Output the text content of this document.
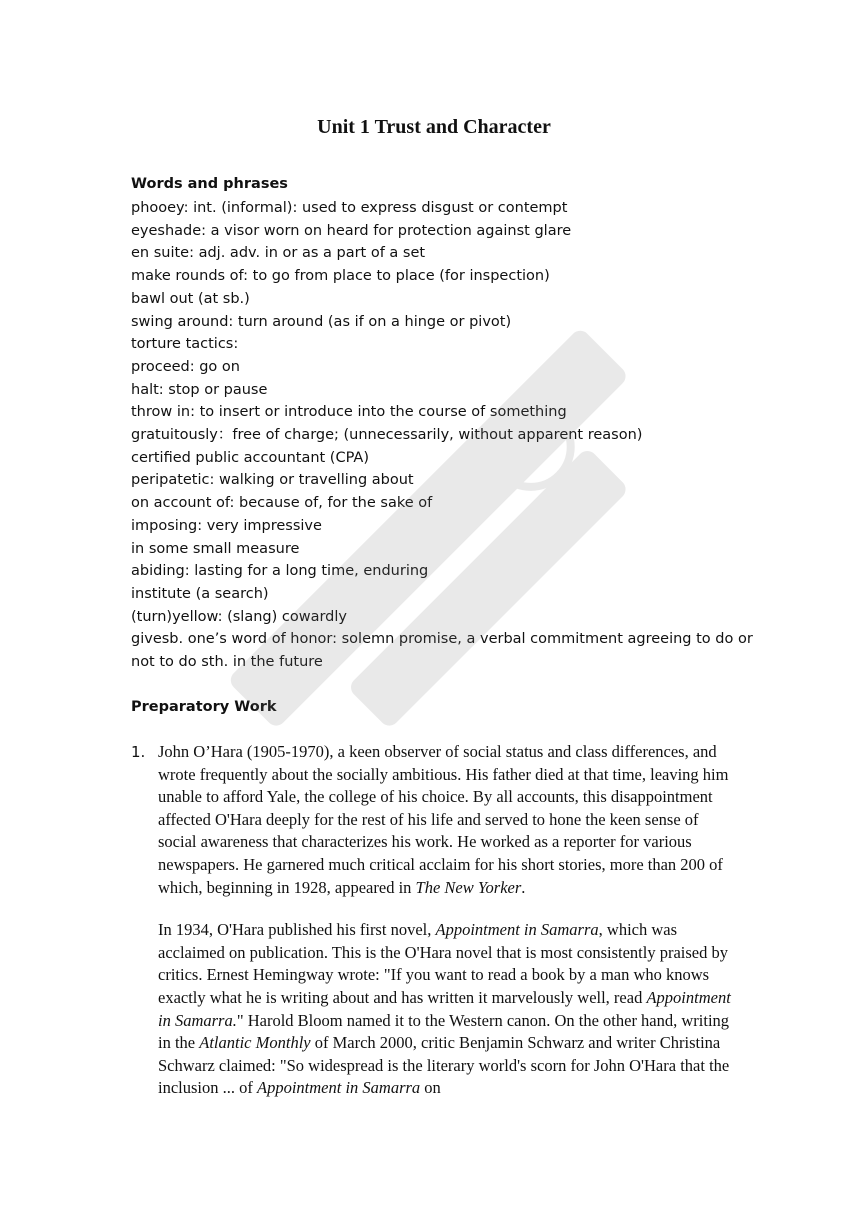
Unit 1 Trust and Character
Words and phrases
phooey: int. (informal): used to express disgust or contempt
eyeshade: a visor worn on heard for protection against glare
en suite: adj. adv. in or as a part of a set
make rounds of: to go from place to place (for inspection)
bawl out (at sb.)
swing around: turn around (as if on a hinge or pivot)
torture tactics:
proceed: go on
halt: stop or pause
throw in: to insert or introduce into the course of something
gratuitously：free of charge; (unnecessarily, without apparent reason)
certified public accountant (CPA)
peripatetic: walking or travelling about
on account of: because of, for the sake of
imposing: very impressive
in some small measure
abiding: lasting for a long time, enduring
institute (a search)
(turn)yellow: (slang) cowardly
givesb. one’s word of honor: solemn promise, a verbal commitment agreeing to do or not to do sth. in the future
Preparatory Work
1. John O’Hara (1905-1970), a keen observer of social status and class differences, and wrote frequently about the socially ambitious. His father died at that time, leaving him unable to afford Yale, the college of his choice. By all accounts, this disappointment affected O'Hara deeply for the rest of his life and served to hone the keen sense of social awareness that characterizes his work. He worked as a reporter for various newspapers. He garnered much critical acclaim for his short stories, more than 200 of which, beginning in 1928, appeared in The New Yorker.

In 1934, O'Hara published his first novel, Appointment in Samarra, which was acclaimed on publication. This is the O'Hara novel that is most consistently praised by critics. Ernest Hemingway wrote: "If you want to read a book by a man who knows exactly what he is writing about and has written it marvelously well, read Appointment in Samarra." Harold Bloom named it to the Western canon. On the other hand, writing in the Atlantic Monthly of March 2000, critic Benjamin Schwarz and writer Christina Schwarz claimed: "So widespread is the literary world's scorn for John O'Hara that the inclusion ... of Appointment in Samarra on
